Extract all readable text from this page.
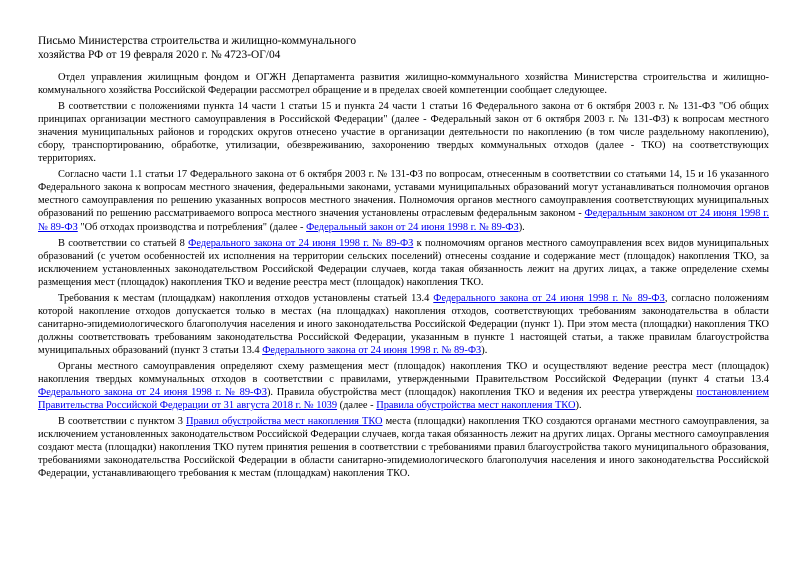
Письмо Министерства строительства и жилищно-коммунального
хозяйства РФ от 19 февраля 2020 г. № 4723-ОГ/04

Отдел управления жилищным фондом и ОГЖН Департамента развития жилищно-коммунального хозяйства Министерства строительства и жилищно-коммунального хозяйства Российской Федерации рассмотрел обращение и в пределах своей компетенции сообщает следующее.

В соответствии с положениями пункта 14 части 1 статьи 15 и пункта 24 части 1 статьи 16 Федерального закона от 6 октября 2003 г. № 131-ФЗ "Об общих принципах организации местного самоуправления в Российской Федерации" (далее - Федеральный закон от 6 октября 2003 г. № 131-ФЗ) к вопросам местного значения муниципальных районов и городских округов отнесено участие в организации деятельности по накоплению (в том числе раздельному накоплению), сбору, транспортированию, обработке, утилизации, обезвреживанию, захоронению твердых коммунальных отходов (далее - ТКО) на соответствующих территориях.

Согласно части 1.1 статьи 17 Федерального закона от 6 октября 2003 г. № 131-ФЗ по вопросам, отнесенным в соответствии со статьями 14, 15 и 16 указанного Федерального закона к вопросам местного значения, федеральными законами, уставами муниципальных образований могут устанавливаться полномочия органов местного самоуправления по решению указанных вопросов местного значения. Полномочия органов местного самоуправления соответствующих муниципальных образований по решению рассматриваемого вопроса местного значения установлены отраслевым федеральным законом - Федеральным законом от 24 июня 1998 г. № 89-ФЗ "Об отходах производства и потребления" (далее - Федеральный закон от 24 июня 1998 г. № 89-ФЗ).

В соответствии со статьей 8 Федерального закона от 24 июня 1998 г. № 89-ФЗ к полномочиям органов местного самоуправления всех видов муниципальных образований (с учетом особенностей их исполнения на территории сельских поселений) отнесены создание и содержание мест (площадок) накопления ТКО, за исключением установленных законодательством Российской Федерации случаев, когда такая обязанность лежит на других лицах, а также определение схемы размещения мест (площадок) накопления ТКО и ведение реестра мест (площадок) накопления ТКО.

Требования к местам (площадкам) накопления отходов установлены статьей 13.4 Федерального закона от 24 июня 1998 г. № 89-ФЗ, согласно положениям которой накопление отходов допускается только в местах (на площадках) накопления отходов, соответствующих требованиям законодательства в области санитарно-эпидемиологического благополучия населения и иного законодательства Российской Федерации (пункт 1). При этом места (площадки) накопления ТКО должны соответствовать требованиям законодательства Российской Федерации, указанным в пункте 1 настоящей статьи, а также правилам благоустройства муниципальных образований (пункт 3 статьи 13.4 Федерального закона от 24 июня 1998 г. № 89-ФЗ).

Органы местного самоуправления определяют схему размещения мест (площадок) накопления ТКО и осуществляют ведение реестра мест (площадок) накопления твердых коммунальных отходов в соответствии с правилами, утвержденными Правительством Российской Федерации (пункт 4 статьи 13.4 Федерального закона от 24 июня 1998 г. № 89-ФЗ). Правила обустройства мест (площадок) накопления ТКО и ведения их реестра утверждены постановлением Правительства Российской Федерации от 31 августа 2018 г. № 1039 (далее - Правила обустройства мест накопления ТКО).

В соответствии с пунктом 3 Правил обустройства мест накопления ТКО места (площадки) накопления ТКО создаются органами местного самоуправления, за исключением установленных законодательством Российской Федерации случаев, когда такая обязанность лежит на других лицах. Органы местного самоуправления создают места (площадки) накопления ТКО путем принятия решения в соответствии с требованиями правил благоустройства такого муниципального образования, требованиями законодательства Российской Федерации в области санитарно-эпидемиологического благополучия населения и иного законодательства Российской Федерации, устанавливающего требования к местам (площадкам) накопления ТКО.
